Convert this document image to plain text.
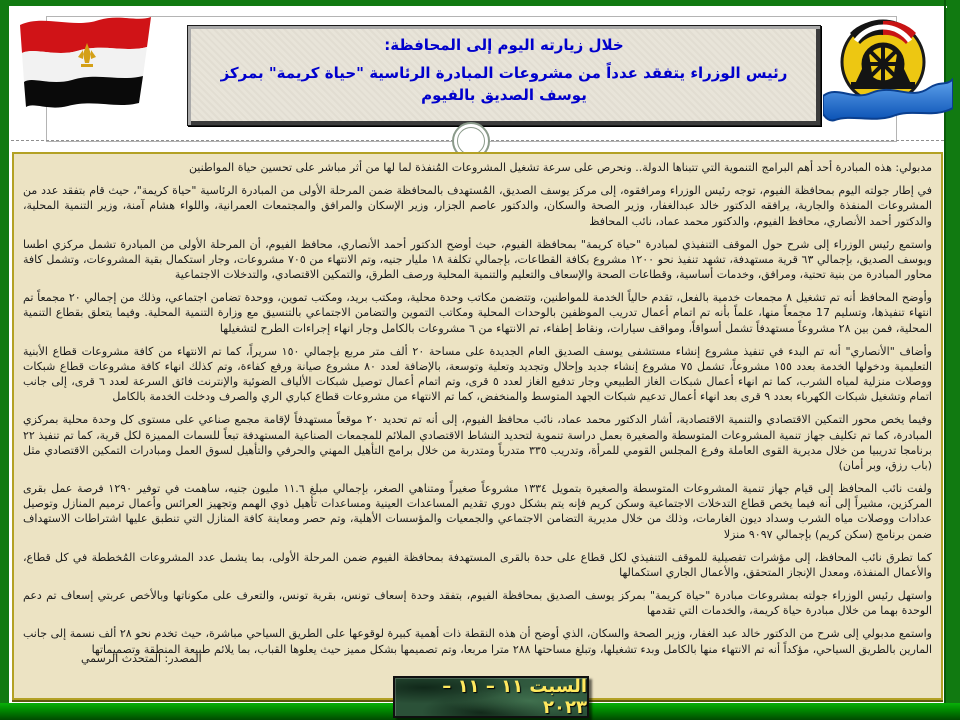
خلال زيارته اليوم إلى المحافظة:
رئيس الوزراء يتفقد عدداً من مشروعات المبادرة الرئاسية "حياة كريمة" بمركز يوسف الصديق بالفيوم

مدبولي: هذه المبادرة أحد أهم البرامج التنموية التي تتبناها الدولة.. ونحرص على سرعة تشغيل المشروعات المُنفذة لما لها من أثر مباشر على تحسين حياة المواطنين

في إطار جولته اليوم بمحافظة الفيوم، توجه رئيس الوزراء ومرافقوه، إلى مركز يوسف الصديق، المُستهدف بالمحافظة ضمن المرحلة الأولى من المبادرة الرئاسية "حياة كريمة"، حيث قام بتفقد عدد من المشروعات المنفذة والجارية، يرافقه الدكتور خالد عبدالغفار، وزير الصحة والسكان، والدكتور عاصم الجزار، وزير الإسكان والمرافق والمجتمعات العمرانية، واللواء هشام آمنة، وزير التنمية المحلية، والدكتور أحمد الأنصاري، محافظ الفيوم، والدكتور محمد عماد، نائب المحافظ

واستمع رئيس الوزراء إلى شرح حول الموقف التنفيذي لمبادرة "حياة كريمة" بمحافظة الفيوم، حيث أوضح الدكتور أحمد الأنصاري، محافظ الفيوم، أن المرحلة الأولى من المبادرة تشمل مركزي اطسا ويوسف الصديق، بإجمالي ٦٣ قرية مستهدفة، تشهد تنفيذ نحو ١٢٠٠ مشروع بكافة القطاعات، بإجمالي تكلفة ١٨ مليار جنيه، وتم الانتهاء من ٧٠٥ مشروعات، وجار استكمال بقية المشروعات، وتشمل كافة محاور المبادرة من بنية تحتية، ومرافق، وخدمات أساسية، وقطاعات الصحة والإسعاف والتعليم والتنمية المحلية ورصف الطرق، والتمكين الاقتصادي، والتدخلات الاجتماعية

وأوضح المحافظ أنه تم تشغيل ٨ مجمعات خدمية بالفعل، تقدم حالياً الخدمة للمواطنين، وتتضمن مكاتب وحدة محلية، ومكتب بريد، ومكتب تموين، ووحدة تضامن اجتماعي، وذلك من إجمالي ٢٠ مجمعاً تم انتهاء تنفيذها، وتسليم 17 مجمعاً منها، علماً بأنه تم اتمام أعمال تدريب الموظفين بالوحدات المحلية ومكاتب التموين والتضامن الاجتماعي بالتنسيق مع وزارة التنمية المحلية. وفيما يتعلق بقطاع التنمية المحلية، فمن بين ٢٨ مشروعاً مستهدفاً تشمل أسواقاً، ومواقف سيارات، ونقاط إطفاء، تم الانتهاء من ٦ مشروعات بالكامل وجار انهاء إجراءات الطرح لتشغيلها

وأضاف "الأنصاري" أنه تم البدء في تنفيذ مشروع إنشاء مستشفى يوسف الصديق العام الجديدة على مساحة ٢٠ ألف متر مربع بإجمالي ١٥٠ سريراً، كما تم الانتهاء من كافة مشروعات قطاع الأبنية التعليمية ودخولها الخدمة بعدد ١٥٥ مشروعاً، تشمل ٧٥ مشروع إنشاء جديد وإحلال وتجديد وتعلية وتوسعة، بالإضافة لعدد ٨٠ مشروع صيانة ورفع كفاءة، وتم كذلك انهاء كافة مشروعات قطاع شبكات ووصلات منزلية لمياه الشرب، كما تم انهاء أعمال شبكات الغاز الطبيعي وجار تدفيع الغاز لعدد ٥ قرى، وتم اتمام أعمال توصيل شبكات الألياف الضوئية والإنترنت فائق السرعة لعدد ٦ قرى، إلى جانب اتمام وتشغيل شبكات الكهرباء بعدد ٩ قرى بعد انهاء أعمال تدعيم شبكات الجهد المتوسط والمنخفض، كما تم الانتهاء من مشروعات قطاع كباري الري والصرف ودخلت الخدمة بالكامل

وفيما يخص محور التمكين الاقتصادي والتنمية الاقتصادية، أشار الدكتور محمد عماد، نائب محافظ الفيوم، إلى أنه تم تحديد ٢٠ موقعاً مستهدفاً لإقامة مجمع صناعي على مستوى كل وحدة محلية بمركزي المبادرة، كما تم تكليف جهاز تنمية المشروعات المتوسطة والصغيرة بعمل دراسة تنموية لتحديد النشاط الاقتصادي الملائم للمجمعات الصناعية المستهدفة تبعاً للسمات المميزة لكل قرية، كما تم تنفيذ ٢٢ برنامجا تدريبيا من خلال مديرية القوى العاملة وفرع المجلس القومي للمرأة، وتدريب ٣٣٥ متدرباً ومتدربة من خلال برامج التأهيل المهني والحرفي والتأهيل لسوق العمل ومبادرات التمكين الاقتصادي مثل (باب رزق، وبر أمان)

ولفت نائب المحافظ إلى قيام جهاز تنمية المشروعات المتوسطة والصغيرة بتمويل ١٣٣٤ مشروعاً صغيراً ومتناهي الصغر، بإجمالي مبلغ ١١.٦ مليون جنيه، ساهمت في توفير ١٢٩٠ فرصة عمل بقرى المركزين، مشيراً إلى أنه فيما يخص قطاع التدخلات الاجتماعية وسكن كريم فإنه يتم بشكل دوري تقديم المساعدات العينية ومساعدات تأهيل ذوي الهمم وتجهيز العرائس وأعمال ترميم المنازل وتوصيل عدادات ووصلات مياه الشرب وسداد ديون الغارمات، وذلك من خلال مديرية التضامن الاجتماعي والجمعيات والمؤسسات الأهلية، وتم حصر ومعاينة كافة المنازل التي تنطبق عليها اشتراطات الاستهداف ضمن برنامج (سكن كريم) بإجمالي ٩٠٩٧ منزلا

كما تطرق نائب المحافظ، إلى مؤشرات تفصيلية للموقف التنفيذي لكل قطاع على حدة بالقرى المستهدفة بمحافظة الفيوم ضمن المرحلة الأولى، بما يشمل عدد المشروعات المُخططة في كل قطاع، والأعمال المنفذة، ومعدل الإنجاز المتحقق، والأعمال الجاري استكمالها

واستهل رئيس الوزراء جولته بمشروعات مبادرة "حياة كريمة" بمركز يوسف الصديق بمحافظة الفيوم، بتفقد وحدة إسعاف تونس، بقرية تونس، والتعرف على مكوناتها وبالأخص عربتي إسعاف تم دعم الوحدة بهما من خلال مبادرة حياة كريمة، والخدمات التي تقدمها

واستمع مدبولي إلى شرح من الدكتور خالد عبد الغفار، وزير الصحة والسكان، الذي أوضح أن هذه النقطة ذات أهمية كبيرة لوقوعها على الطريق السياحي مباشرة، حيث تخدم نحو ٢٨ ألف نسمة إلى جانب المارين بالطريق السياحي، مؤكداً أنه تم الانتهاء منها بالكامل وبدء تشغيلها، وتبلغ مساحتها ٢٨٨ مترا مربعا، وتم تصميمها بشكل مميز حيث يعلوها القباب، بما يلائم طبيعة المنطقة وتصميماتها

المصدر: المتحدث الرسمي
السبت ١١ – ١١ – ٢٠٢٣
